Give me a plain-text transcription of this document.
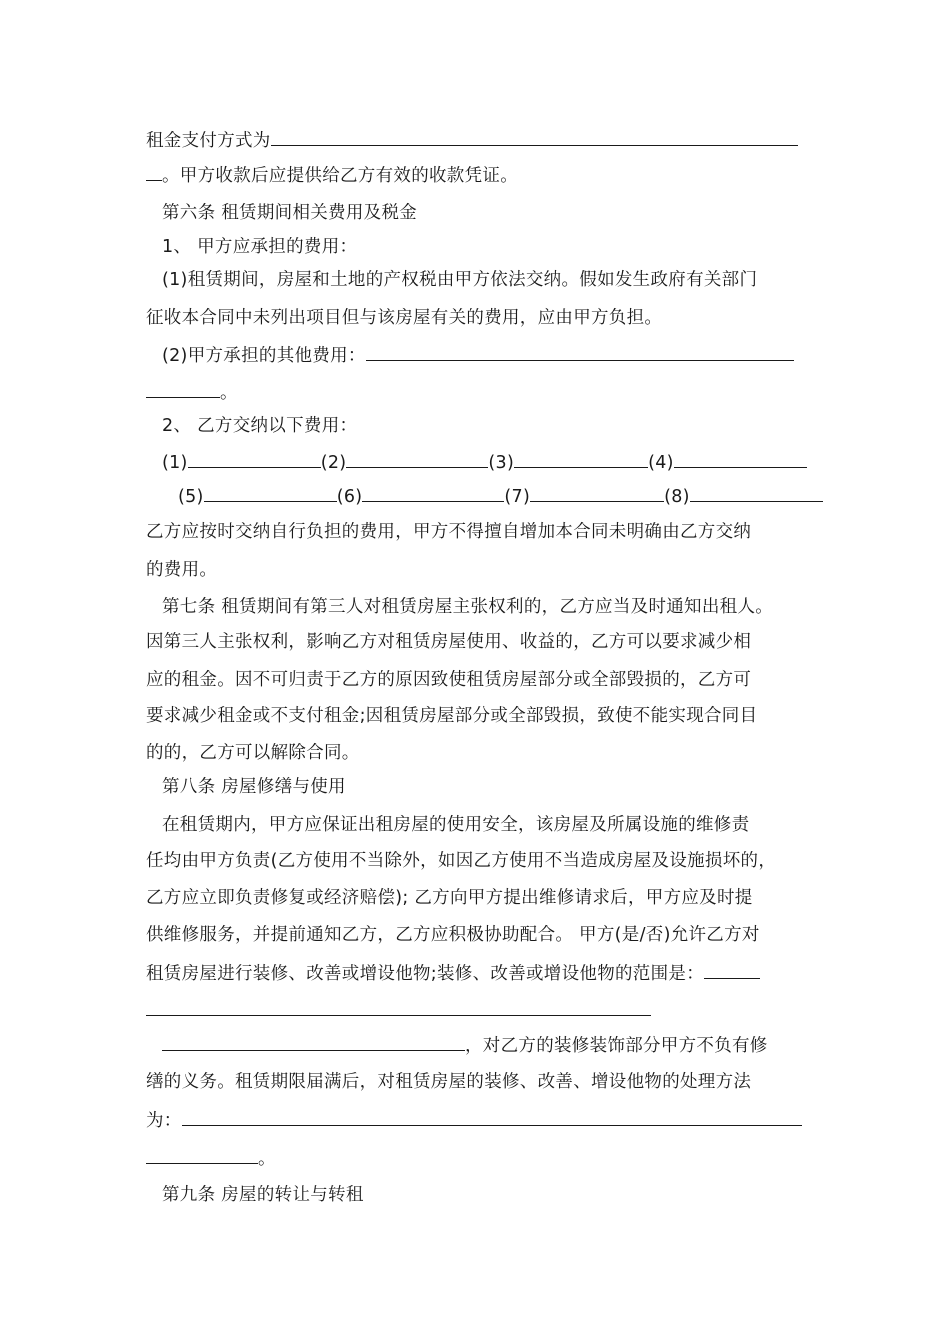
租金支付方式为
。甲方收款后应提供给乙方有效的收款凭证。
第六条 租赁期间相关费用及税金
1、 甲方应承担的费用：
(1)租赁期间，房屋和土地的产权税由甲方依法交纳。假如发生政府有关部门
征收本合同中未列出项目但与该房屋有关的费用，应由甲方负担。
(2)甲方承担的其他费用：
。
2、 乙方交纳以下费用：
(1)	(2)	(3)	(4)
(5)	(6)	(7)	(8)
乙方应按时交纳自行负担的费用，甲方不得擅自增加本合同未明确由乙方交纳
的费用。
第七条 租赁期间有第三人对租赁房屋主张权利的，乙方应当及时通知出租人。
因第三人主张权利，影响乙方对租赁房屋使用、收益的，乙方可以要求减少相
应的租金。因不可归责于乙方的原因致使租赁房屋部分或全部毁损的，乙方可
要求减少租金或不支付租金;因租赁房屋部分或全部毁损，致使不能实现合同目
的的，乙方可以解除合同。
第八条 房屋修缮与使用
在租赁期内，甲方应保证出租房屋的使用安全，该房屋及所属设施的维修责
任均由甲方负责(乙方使用不当除外，如因乙方使用不当造成房屋及设施损坏的，
乙方应立即负责修复或经济赔偿); 乙方向甲方提出维修请求后，甲方应及时提
供维修服务，并提前通知乙方，乙方应积极协助配合。 甲方(是/否)允许乙方对
租赁房屋进行装修、改善或增设他物;装修、改善或增设他物的范围是：
，对乙方的装修装饰部分甲方不负有修
缮的义务。租赁期限届满后，对租赁房屋的装修、改善、增设他物的处理方法
为：
。
第九条 房屋的转让与转租
